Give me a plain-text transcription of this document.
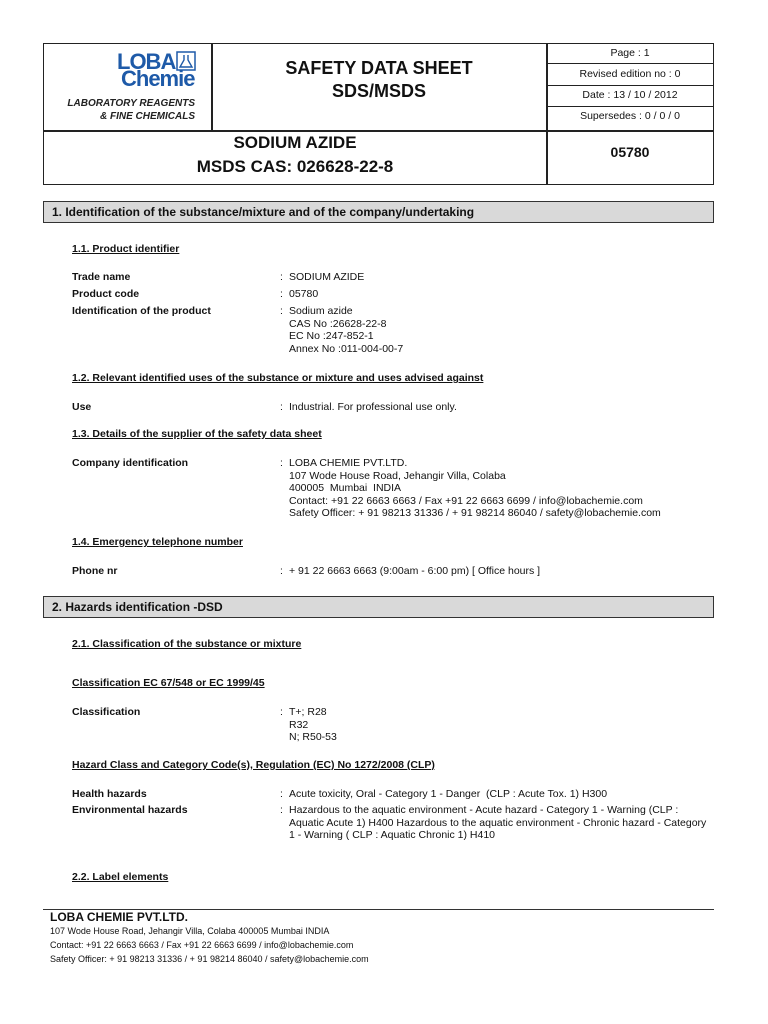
LOBA
Chemie
LABORATORY REAGENTS
& FINE CHEMICALS
SAFETY DATA SHEET
SDS/MSDS
Page : 1
Revised edition no : 0
Date : 13 / 10 / 2012
Supersedes : 0 / 0 / 0
SODIUM AZIDE
MSDS CAS: 026628-22-8
05780
1. Identification of the substance/mixture and of the company/undertaking
1.1. Product identifier
Trade name	: SODIUM AZIDE
Product code	: 05780
Identification of the product	: Sodium azide
CAS No :26628-22-8
EC No :247-852-1
Annex No :011-004-00-7
1.2. Relevant identified uses of the substance or mixture and uses advised against
Use	: Industrial. For professional use only.
1.3. Details of the supplier of the safety data sheet
Company identification	: LOBA CHEMIE PVT.LTD.
107 Wode House Road, Jehangir Villa, Colaba
400005  Mumbai  INDIA
Contact: +91 22 6663 6663 / Fax +91 22 6663 6699 / info@lobachemie.com
Safety Officer: + 91 98213 31336 / + 91 98214 86040 / safety@lobachemie.com
1.4. Emergency telephone number
Phone nr	: + 91 22 6663 6663 (9:00am - 6:00 pm) [ Office hours ]
2. Hazards identification -DSD
2.1. Classification of the substance or mixture
Classification EC 67/548 or EC 1999/45
Classification	: T+; R28
R32
N; R50-53
Hazard Class and Category Code(s), Regulation (EC) No 1272/2008 (CLP)
Health hazards	: Acute toxicity, Oral - Category 1 - Danger  (CLP : Acute Tox. 1) H300
Environmental hazards	: Hazardous to the aquatic environment - Acute hazard - Category 1 - Warning (CLP : Aquatic Acute 1) H400 Hazardous to the aquatic environment - Chronic hazard - Category 1 - Warning ( CLP : Aquatic Chronic 1) H410
2.2. Label elements
LOBA CHEMIE PVT.LTD.
107 Wode House Road, Jehangir Villa, Colaba 400005 Mumbai INDIA
Contact: +91 22 6663 6663 / Fax +91 22 6663 6699 / info@lobachemie.com
Safety Officer: + 91 98213 31336 / + 91 98214 86040 / safety@lobachemie.com
